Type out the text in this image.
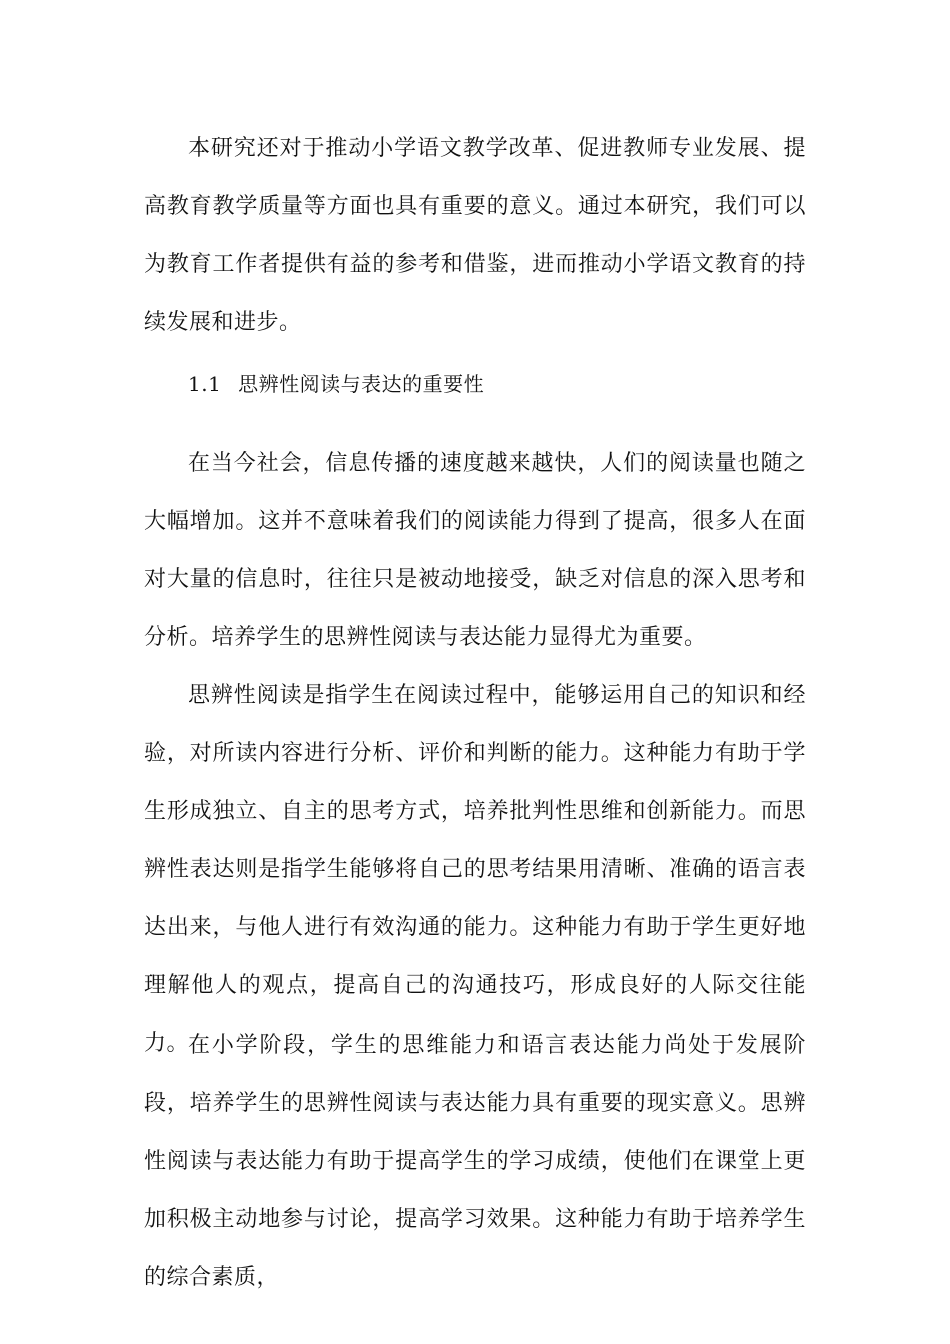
本研究还对于推动小学语文教学改革、促进教师专业发展、提高教育教学质量等方面也具有重要的意义。通过本研究，我们可以为教育工作者提供有益的参考和借鉴，进而推动小学语文教育的持续发展和进步。

1.1 思辨性阅读与表达的重要性

在当今社会，信息传播的速度越来越快，人们的阅读量也随之大幅增加。这并不意味着我们的阅读能力得到了提高，很多人在面对大量的信息时，往往只是被动地接受，缺乏对信息的深入思考和分析。培养学生的思辨性阅读与表达能力显得尤为重要。

思辨性阅读是指学生在阅读过程中，能够运用自己的知识和经验，对所读内容进行分析、评价和判断的能力。这种能力有助于学生形成独立、自主的思考方式，培养批判性思维和创新能力。而思辨性表达则是指学生能够将自己的思考结果用清晰、准确的语言表达出来，与他人进行有效沟通的能力。这种能力有助于学生更好地理解他人的观点，提高自己的沟通技巧，形成良好的人际交往能力。

在小学阶段，学生的思维能力和语言表达能力尚处于发展阶段，培养学生的思辨性阅读与表达能力具有重要的现实意义。思辨性阅读与表达能力有助于提高学生的学习成绩，使他们在课堂上更加积极主动地参与讨论，提高学习效果。这种能力有助于培养学生的综合素质，
